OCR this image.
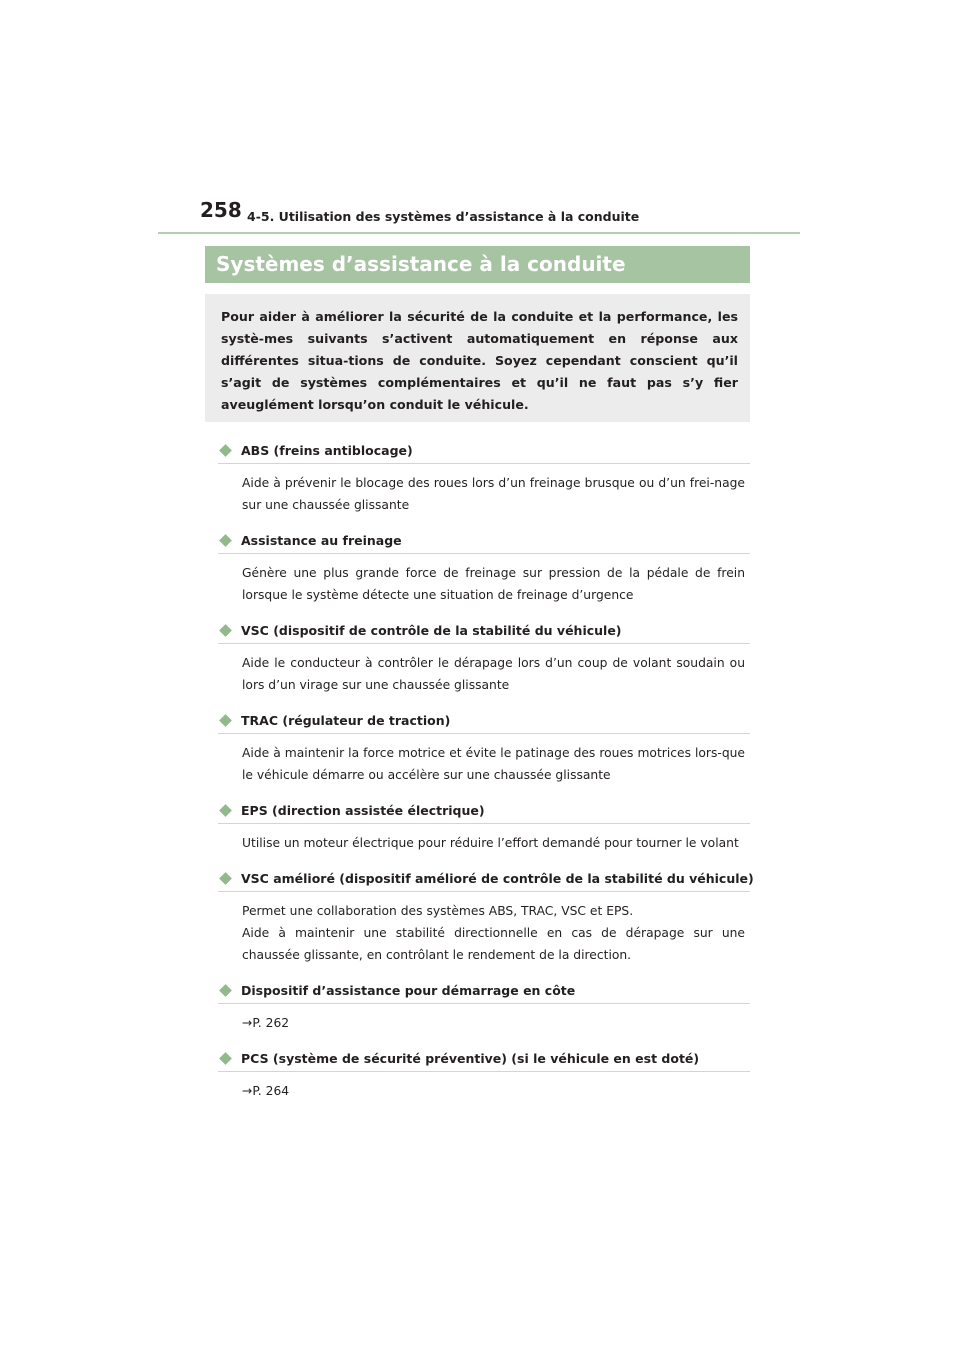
258 4-5. Utilisation des systèmes d’assistance à la conduite
Systèmes d’assistance à la conduite

Pour aider à améliorer la sécurité de la conduite et la performance, les systè-mes suivants s’activent automatiquement en réponse aux différentes situa-tions de conduite. Soyez cependant conscient qu’il s’agit de systèmes complémentaires et qu’il ne faut pas s’y fier aveuglément lorsqu’on conduit le véhicule.

ABS (freins antiblocage)

Aide à prévenir le blocage des roues lors d’un freinage brusque ou d’un frei-nage sur une chaussée glissante

Assistance au freinage

Génère une plus grande force de freinage sur pression de la pédale de frein lorsque le système détecte une situation de freinage d’urgence

VSC (dispositif de contrôle de la stabilité du véhicule)

Aide le conducteur à contrôler le dérapage lors d’un coup de volant soudain ou lors d’un virage sur une chaussée glissante

TRAC (régulateur de traction)

Aide à maintenir la force motrice et évite le patinage des roues motrices lors-que le véhicule démarre ou accélère sur une chaussée glissante

EPS (direction assistée électrique)

Utilise un moteur électrique pour réduire l’effort demandé pour tourner le volant

VSC amélioré (dispositif amélioré de contrôle de la stabilité du véhicule)

Permet une collaboration des systèmes ABS, TRAC, VSC et EPS.
Aide à maintenir une stabilité directionnelle en cas de dérapage sur une chaussée glissante, en contrôlant le rendement de la direction.

Dispositif d’assistance pour démarrage en côte

→P. 262

PCS (système de sécurité préventive) (si le véhicule en est doté)

→P. 264
